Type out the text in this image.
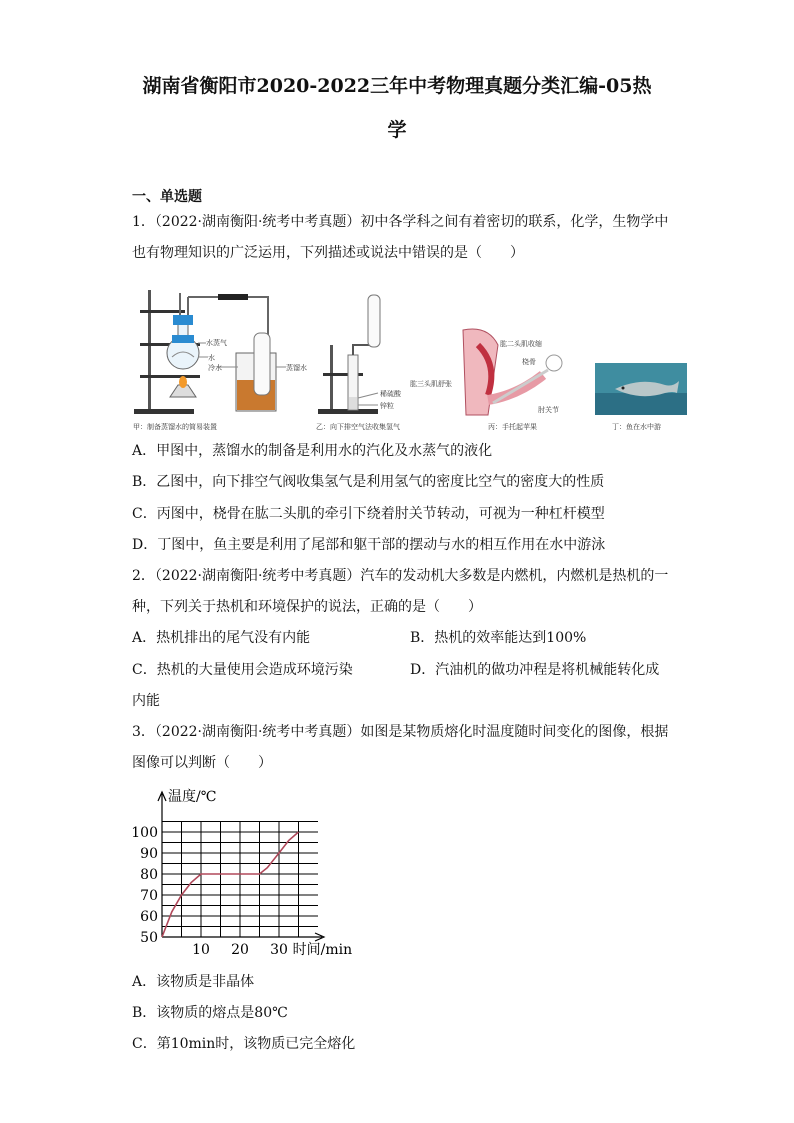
湖南省衡阳市2020-2022三年中考物理真题分类汇编-05热
学
一、单选题
1．（2022·湖南衡阳·统考中考真题）初中各学科之间有着密切的联系，化学，生物学中
也有物理知识的广泛运用，下列描述或说法中错误的是（　　）
水蒸气
水
冷水	蒸馏水
甲：制备蒸馏水的简易装置
稀硫酸
锌粒
乙：向下排空气法收集氢气
肱二头肌收缩
桡骨
肱三头肌舒张
肘关节
丙：手托起苹果	丁：鱼在水中游
A．甲图中，蒸馏水的制备是利用水的汽化及水蒸气的液化
B．乙图中，向下排空气阀收集氢气是利用氢气的密度比空气的密度大的性质
C．丙图中，桡骨在肱二头肌的牵引下绕着肘关节转动，可视为一种杠杆模型
D．丁图中，鱼主要是利用了尾部和躯干部的摆动与水的相互作用在水中游泳
2．（2022·湖南衡阳·统考中考真题）汽车的发动机大多数是内燃机，内燃机是热机的一
种，下列关于热机和环境保护的说法，正确的是（　　）
A．热机排出的尾气没有内能	B．热机的效率能达到100%
C．热机的大量使用会造成环境污染	D．汽油机的做功冲程是将机械能转化成
内能
3．（2022·湖南衡阳·统考中考真题）如图是某物质熔化时温度随时间变化的图像，根据
图像可以判断（　　）
50
60
70
80
90
100
10 20 30
温度/℃
时间/min
A．该物质是非晶体
B．该物质的熔点是80℃
C．第10min时，该物质已完全熔化
